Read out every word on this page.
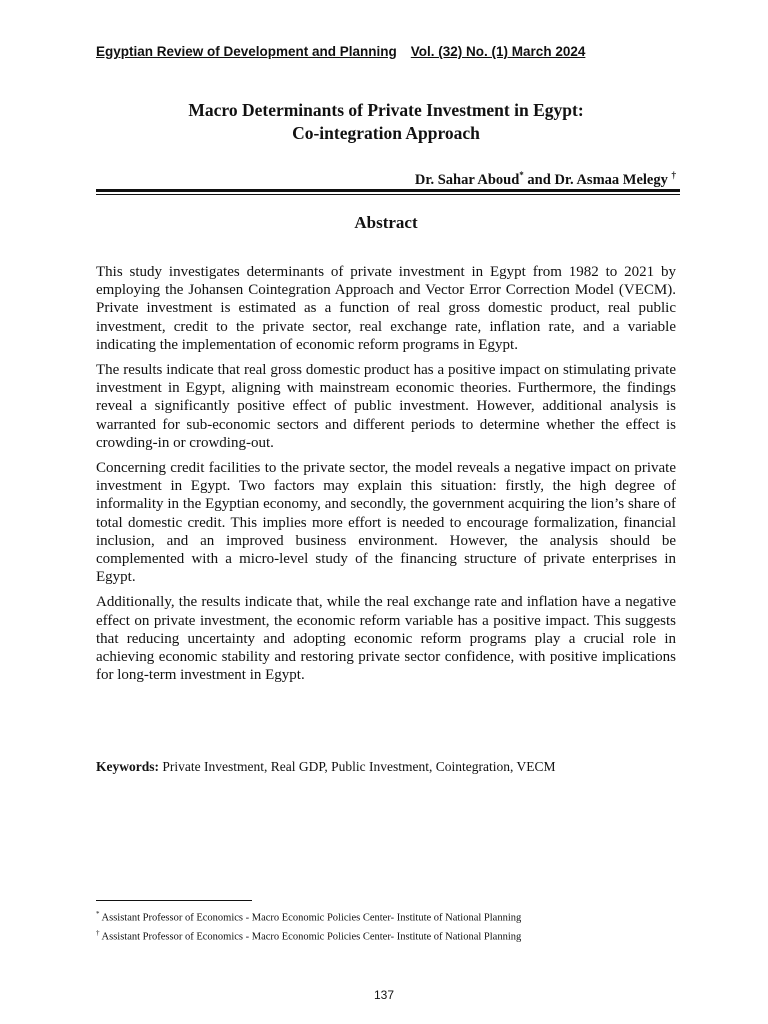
Egyptian Review of Development and Planning Vol. (32) No. (1) March 2024
Macro Determinants of Private Investment in Egypt:
Co-integration Approach
Dr. Sahar Aboud* and Dr. Asmaa Melegy †
Abstract

This study investigates determinants of private investment in Egypt from 1982 to 2021 by employing the Johansen Cointegration Approach and Vector Error Correction Model (VECM). Private investment is estimated as a function of real gross domestic product, real public investment, credit to the private sector, real exchange rate, inflation rate, and a variable indicating the implementation of economic reform programs in Egypt.

The results indicate that real gross domestic product has a positive impact on stimulating private investment in Egypt, aligning with mainstream economic theories. Furthermore, the findings reveal a significantly positive effect of public investment. However, additional analysis is warranted for sub-economic sectors and different periods to determine whether the effect is crowding-in or crowding-out.

Concerning credit facilities to the private sector, the model reveals a negative impact on private investment in Egypt. Two factors may explain this situation: firstly, the high degree of informality in the Egyptian economy, and secondly, the government acquiring the lion’s share of total domestic credit. This implies more effort is needed to encourage formalization, financial inclusion, and an improved business environment. However, the analysis should be complemented with a micro-level study of the financing structure of private enterprises in Egypt.

Additionally, the results indicate that, while the real exchange rate and inflation have a negative effect on private investment, the economic reform variable has a positive impact. This suggests that reducing uncertainty and adopting economic reform programs play a crucial role in achieving economic stability and restoring private sector confidence, with positive implications for long-term investment in Egypt.

Keywords: Private Investment, Real GDP, Public Investment, Cointegration, VECM
* Assistant Professor of Economics - Macro Economic Policies Center- Institute of National Planning
† Assistant Professor of Economics - Macro Economic Policies Center- Institute of National Planning
137
